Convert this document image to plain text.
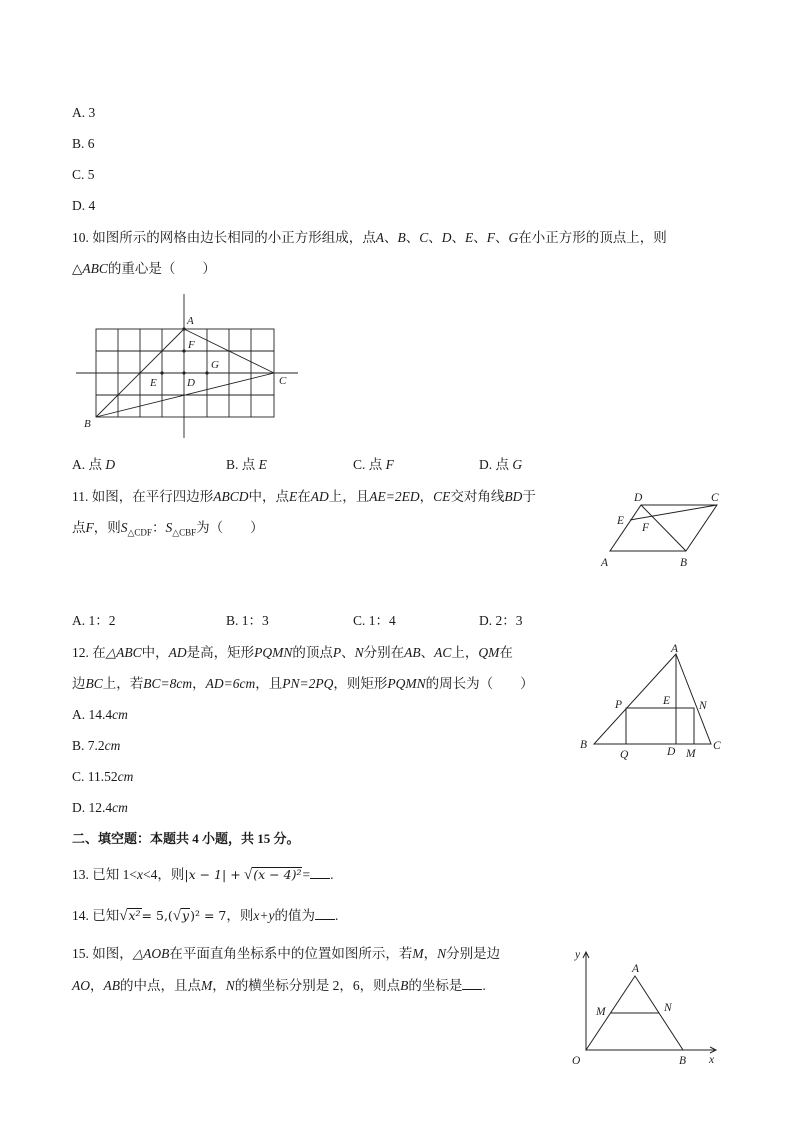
A. 3
B. 6
C. 5
D. 4
10. 如图所示的网格由边长相同的小正方形组成，点A、B、C、D、E、F、G在小正方形的顶点上，则
△ABC的重心是（　　）
A
F
G
E	D	C
B
A. 点 D	B. 点 E	C. 点 F	D. 点 G
11. 如图，在平行四边形ABCD中，点E在AD上，且AE=2ED，CE交对角线BD于
点F，则$S_{\triangle CDF}$：$S_{\triangle CBF}$为（　　）
D	C
E
F
A	B
A. 1：2	B. 1：3	C. 1：4	D. 2：3
12. 在△ABC中，AD是高，矩形PQMN的顶点P、N分别在AB、AC上，QM在
边BC上，若BC=8cm，AD=6cm，且PN=2PQ，则矩形PQMN的周长为（　　）
A
P	E	N
B
Q	D M
C
A. 14.4cm
B. 7.2cm
C. 11.52cm
D. 12.4cm
二、填空题：本题共 4 小题，共 15 分。
13. 已知 1<x<4，则|x − 1| + √(x − 4)²= .
14. 已知√x²= 5,(√y)² = 7，则x+y的值为 .
15. 如图，△AOB在平面直角坐标系中的位置如图所示，若M，N分别是边
AO，AB的中点，且点M，N的横坐标分别是 2，6，则点B的坐标是 .
y
x
O
A
M	N
B
